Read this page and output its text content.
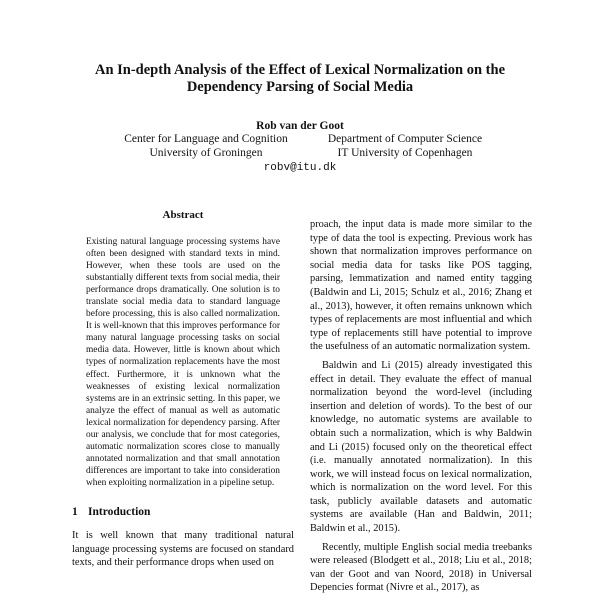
An In-depth Analysis of the Effect of Lexical Normalization on the
Dependency Parsing of Social Media
Rob van der Goot
Center for Language and Cognition
University of Groningen
Department of Computer Science
IT University of Copenhagen
robv@itu.dk
Abstract
Existing natural language processing systems have often been designed with standard texts in mind. However, when these tools are used on the substantially different texts from social media, their performance drops dramatically. One solution is to translate social media data to standard language before processing, this is also called normalization. It is well-known that this improves performance for many natural language processing tasks on social media data. However, little is known about which types of normalization replacements have the most effect. Furthermore, it is unknown what the weaknesses of existing lexical normalization systems are in an extrinsic setting. In this paper, we analyze the effect of manual as well as automatic lexical normalization for dependency parsing. After our analysis, we conclude that for most categories, automatic normalization scores close to manually annotated normalization and that small annotation differences are important to take into consideration when exploiting normalization in a pipeline setup.
1 Introduction
It is well known that many traditional natural language processing systems are focused on standard texts, and their performance drops when used on

proach, the input data is made more similar to the type of data the tool is expecting. Previous work has shown that normalization improves performance on social media data for tasks like POS tagging, parsing, lemmatization and named entity tagging (Baldwin and Li, 2015; Schulz et al., 2016; Zhang et al., 2013), however, it often remains unknown which types of replacements are most influential and which type of replacements still have potential to improve the usefulness of an automatic normalization system.

Baldwin and Li (2015) already investigated this effect in detail. They evaluate the effect of manual normalization beyond the word-level (including insertion and deletion of words). To the best of our knowledge, no automatic systems are available to obtain such a normalization, which is why Baldwin and Li (2015) focused only on the theoretical effect (i.e. manually annotated normalization). In this work, we will instead focus on lexical normalization, which is normalization on the word level. For this task, publicly available datasets and automatic systems are available (Han and Baldwin, 2011; Baldwin et al., 2015).

Recently, multiple English social media treebanks were released (Blodgett et al., 2018; Liu et al., 2018; van der Goot and van Noord, 2018) in Universal Depencies format (Nivre et al., 2017), as
